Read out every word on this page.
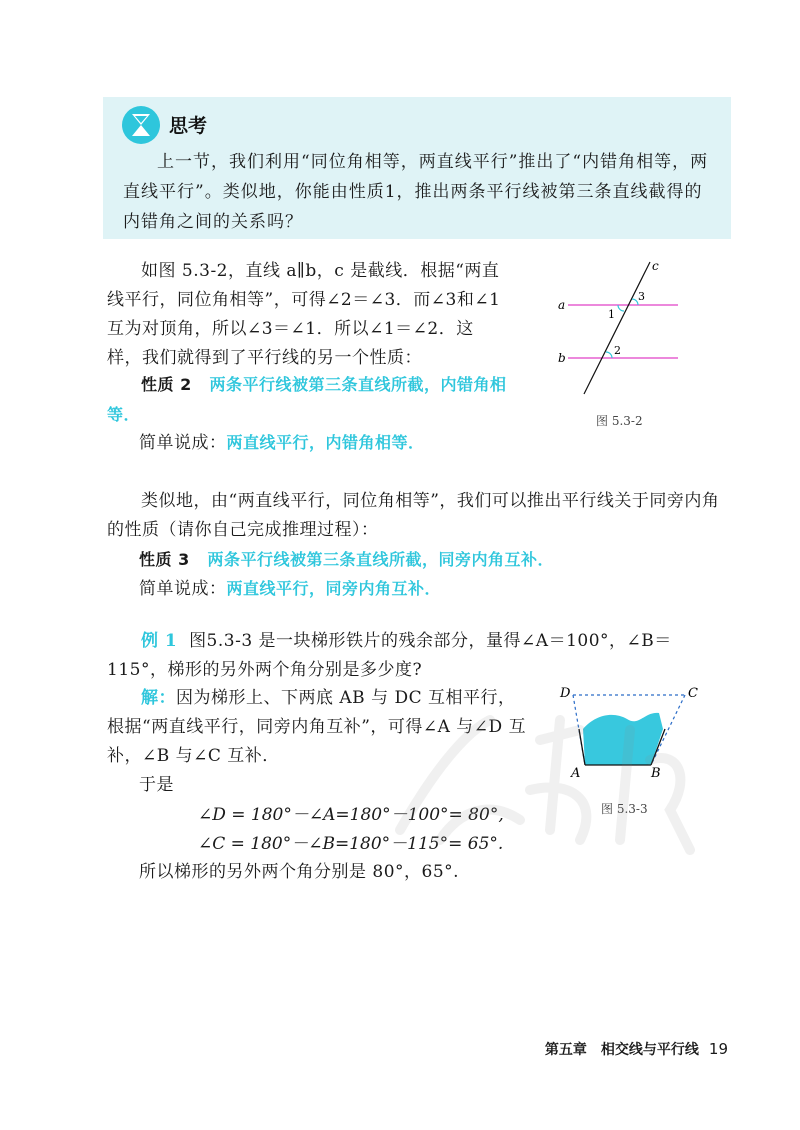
思考
上一节，我们利用“同位角相等，两直线平行”推出了“内错角相等，两直线平行”。类似地，你能由性质1，推出两条平行线被第三条直线截得的内错角之间的关系吗？
如图 5.3-2，直线 a∥b，c 是截线．根据“两直线平行，同位角相等”，可得∠2＝∠3．而∠3和∠1 互为对顶角，所以∠3＝∠1．所以∠1＝∠2．这样，我们就得到了平行线的另一个性质：
性质 2 两条平行线被第三条直线所截，内错角相等．
简单说成：两直线平行，内错角相等．
c
a
b
3
1
2
图 5.3-2
类似地，由“两直线平行，同位角相等”，我们可以推出平行线关于同旁内角的性质（请你自己完成推理过程）：
性质 3 两条平行线被第三条直线所截，同旁内角互补．
简单说成：两直线平行，同旁内角互补．
例 1 图5.3-3 是一块梯形铁片的残余部分，量得∠A＝100°，∠B＝115°，梯形的另外两个角分别是多少度?
解：因为梯形上、下两底 AB 与 DC 互相平行，根据“两直线平行，同旁内角互补”，可得∠A 与∠D 互补，∠B 与∠C 互补．
于是
∠D = 180°－∠A=180°－100°= 80°,
∠C = 180°－∠B=180°－115°= 65°.
所以梯形的另外两个角分别是 80°，65°.
D	C
A	B
图 5.3-3
第五章　相交线与平行线 19
